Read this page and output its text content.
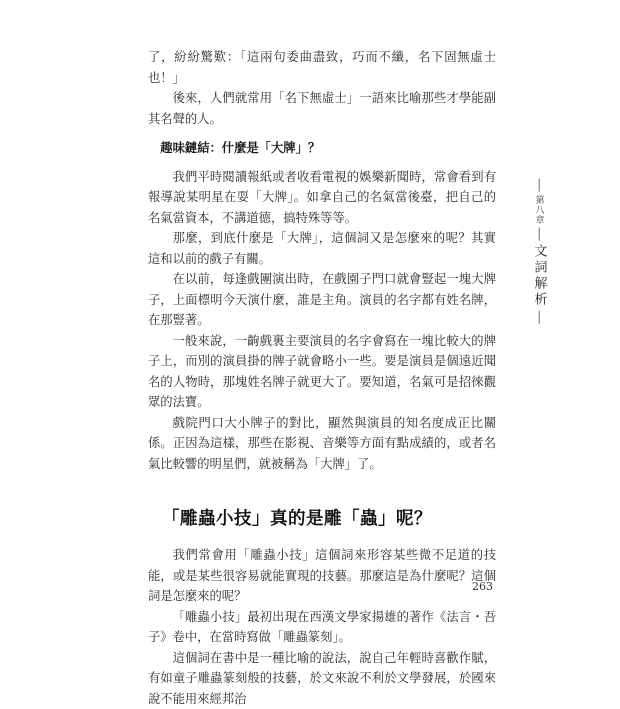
了，紛紛驚歎：「這兩句委曲盡致，巧而不纖，名下固無虛士也！」

後來，人們就常用「名下無虛士」一語來比喻那些才學能副其名聲的人。

趣味鏈結：什麼是「大牌」？

我們平時閱讀報紙或者收看電視的娛樂新聞時，常會看到有報導說某明星在耍「大牌」。如拿自己的名氣當後臺，把自己的名氣當資本，不講道德，搞特殊等等。

那麼，到底什麼是「大牌」，這個詞又是怎麼來的呢？其實這和以前的戲子有關。

在以前，每逢戲團演出時，在戲園子門口就會豎起一塊大牌子，上面標明今天演什麼，誰是主角。演員的名字都有姓名牌，在那豎著。

一般來說，一齣戲裏主要演員的名字會寫在一塊比較大的牌子上，而別的演員掛的牌子就會略小一些。要是演員是個遠近聞名的人物時，那塊姓名牌子就更大了。要知道，名氣可是招徠觀眾的法寶。

戲院門口大小牌子的對比，顯然與演員的知名度成正比關係。正因為這樣，那些在影視、音樂等方面有點成績的，或者名氣比較響的明星們，就被稱為「大牌」了。

「雕蟲小技」真的是雕「蟲」呢？

我們常會用「雕蟲小技」這個詞來形容某些微不足道的技能，或是某些很容易就能實現的技藝。那麼這是為什麼呢？這個詞是怎麼來的呢？

「雕蟲小技」最初出現在西漢文學家揚雄的著作《法言・吾子》卷中，在當時寫做「雕蟲篆刻」。

這個詞在書中是一種比喻的說法，說自己年輕時喜歡作賦，有如童子雕蟲篆刻般的技藝，於文來說不利於文學發展，於國來說不能用來經邦治

│
第八章
│
文詞解析
│
263
